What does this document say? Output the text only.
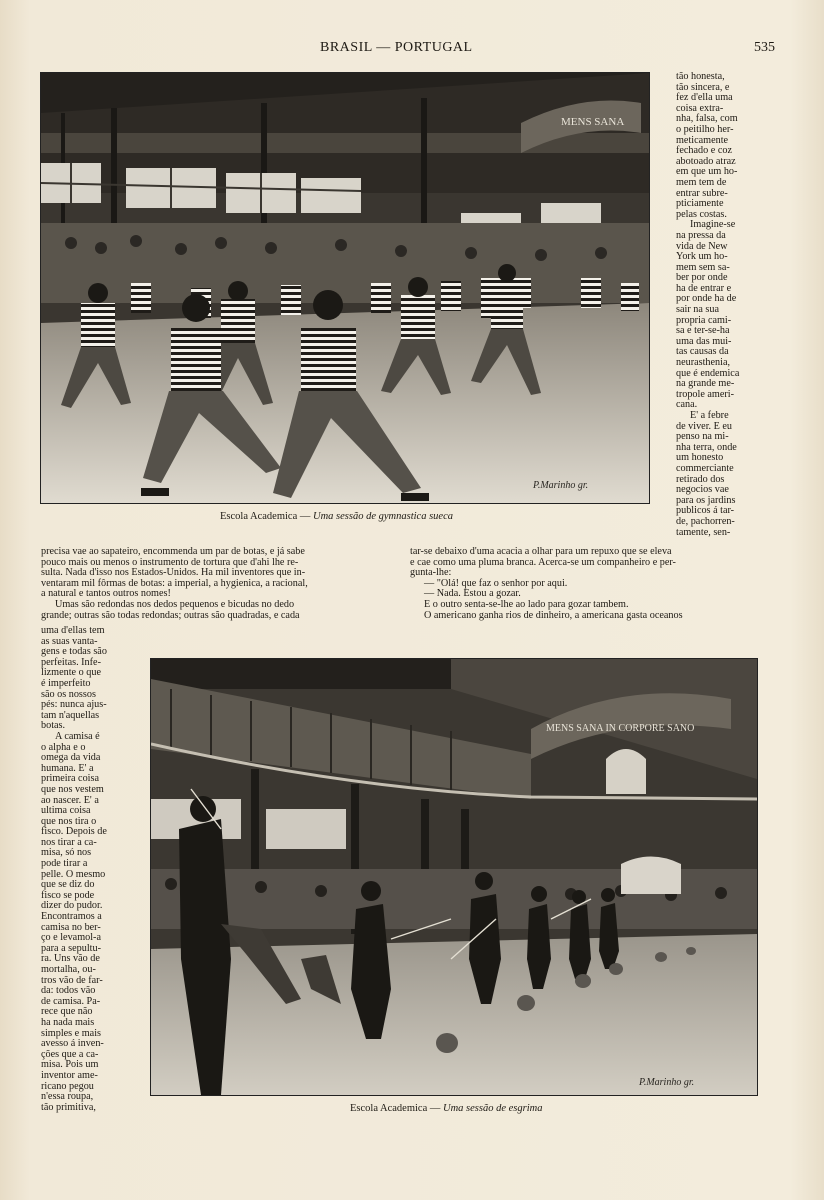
BRASIL — PORTUGAL	535
MENS SANA
P.Marinho gr.
Escola Academica — Uma sessão de gymnastica sueca

tão honesta,

tão sincera, e

fez d'ella uma

coisa extra-

nha, falsa, com

o peitilho her-

meticamente

fechado e coz

abotoado atraz

em que um ho-

mem tem de

entrar subre-

pticiamente

pelas costas.

Imagine-se

na pressa da

vida de New

York um ho-

mem sem sa-

ber por onde

ha de entrar e

por onde ha de

sair na sua

propria cami-

sa e ter-se-ha

uma das mui-

tas causas da

neurasthenia,

que é endemica

na grande me-

tropole ameri-

cana.

E' a febre

de viver. E eu

penso na mi-

nha terra, onde

um honesto

commerciante

retirado dos

negocios vae

para os jardins

publicos á tar-

de, pachorren-

tamente, sen-

precisa vae ao sapateiro, encommenda um par de botas, e já sabe

pouco mais ou menos o instrumento de tortura que d'ahi lhe re-

sulta. Nada d'isso nos Estados-Unidos. Ha mil inventores que in-

ventaram mil fôrmas de botas: a imperial, a hygienica, a racional,

a natural e tantos outros nomes!

Umas são redondas nos dedos pequenos e bicudas no dedo

grande; outras são todas redondas; outras são quadradas, e cada

tar-se debaixo d'uma acacia a olhar para um repuxo que se eleva

e cae como uma pluma branca. Acerca-se um companheiro e per-

gunta-lhe:

— "Olá! que faz o senhor por aqui.

— Nada. Estou a gozar.

E o outro senta-se-lhe ao lado para gozar tambem.

O americano ganha rios de dinheiro, a americana gasta oceanos

uma d'ellas tem

as suas vanta-

gens e todas são

perfeitas. Infe-

lizmente o que

é imperfeito

são os nossos

pés: nunca ajus-

tam n'aquellas

botas.

A camisa é

o alpha e o

omega da vida

humana. E' a

primeira coisa

que nos vestem

ao nascer. E' a

ultima coisa

que nos tira o

fisco. Depois de

nos tirar a ca-

misa, só nos

pode tirar a

pelle. O mesmo

que se diz do

fisco se pode

dizer do pudor.

Encontramos a

camisa no ber-

ço e levamol-a

para a sepultu-

ra. Uns vão de

mortalha, ou-

tros vão de far-

da: todos vão

de camisa. Pa-

rece que não

ha nada mais

simples e mais

avesso á inven-

ções que a ca-

misa. Pois um

inventor ame-

ricano pegou

n'essa roupa,

tão primitiva,

MENS SANA IN CORPORE SANO
P.Marinho gr.
Escola Academica — Uma sessão de esgrima
